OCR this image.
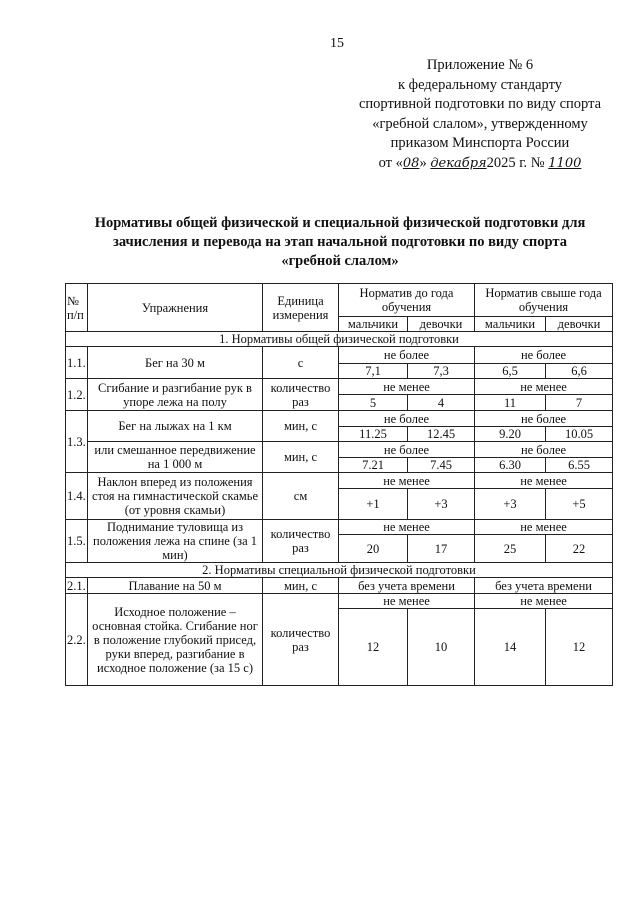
15
Приложение № 6
к федеральному стандарту
спортивной подготовки по виду спорта
«гребной слалом», утвержденному
приказом Минспорта России
от «08» декабря2025 г. № 1100
Нормативы общей физической и специальной физической подготовки для
зачисления и перевода на этап начальной подготовки по виду спорта
«гребной слалом»
№ п/п	Упражнения	Единица измерения	Норматив до года обучения		Норматив свыше года обучения	
			мальчики	девочки	мальчики	девочки
1. Нормативы общей физической подготовки						
1.1.	Бег на 30 м	с	не более		не более	
			7,1	7,3	6,5	6,6
1.2.	Сгибание и разгибание рук в упоре лежа на полу	количество раз	не менее		не менее	
			5	4	11	7
1.3.	Бег на лыжах на 1 км	мин, с	не более		не более	
			11.25	12.45	9.20	10.05
	или смешанное передвижение на 1 000 м	мин, с	не более		не более	
			7.21	7.45	6.30	6.55
1.4.	Наклон вперед из положения стоя на гимнастической скамье (от уровня скамьи)	см	не менее		не менее	
			+1	+3	+3	+5
1.5.	Поднимание туловища из положения лежа на спине (за 1 мин)	количество раз	не менее		не менее	
			20	17	25	22
2. Нормативы специальной физической подготовки						
2.1.	Плавание на 50 м	мин, с	без учета времени		без учета времени	
2.2.	Исходное положение – основная стойка. Сгибание ног в положение глубокий присед, руки вперед, разгибание в исходное положение (за 15 с)	количество раз	не менее		не менее	
			12	10	14	12
